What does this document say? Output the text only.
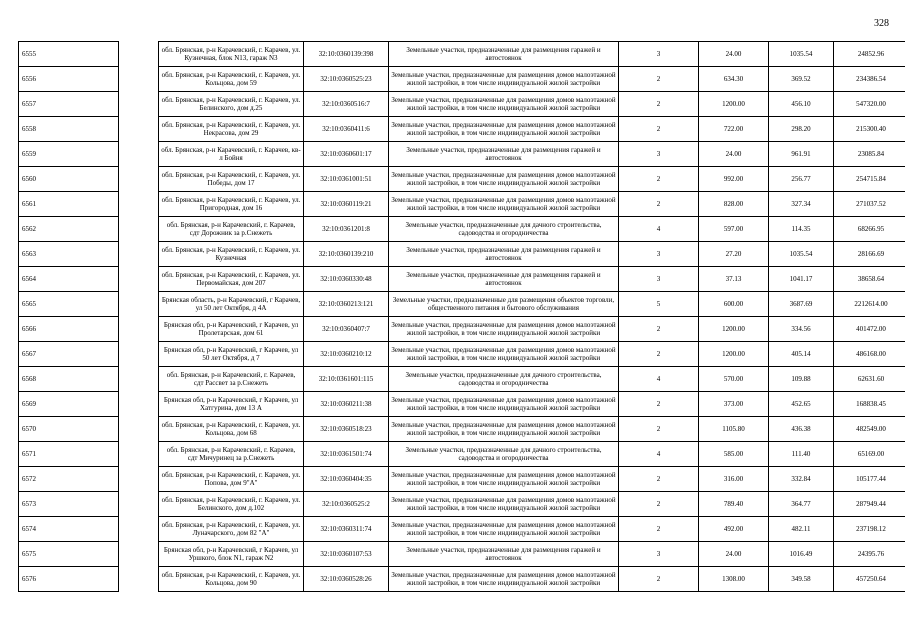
328
6555		обл. Брянская, р-н Карачевский, г. Карачев, ул. Кузнечная, блок N13, гараж N3	32:10:0360139:398	Земельные участки, предназначенные для размещения гаражей и автостоянок	3	24.00	1035.54	24852.96
6556		обл. Брянская, р-н Карачевский, г. Карачев, ул. Кольцова, дом 59	32:10:0360525:23	Земельные участки, предназначенные для размещения домов малоэтажной жилой застройки, в том числе индивидуальной жилой застройки	2	634.30	369.52	234386.54
6557		обл. Брянская, р-н Карачевский, г. Карачев, ул. Белинского, дом д.25	32:10:0360516:7	Земельные участки, предназначенные для размещения домов малоэтажной жилой застройки, в том числе индивидуальной жилой застройки	2	1200.00	456.10	547320.00
6558		обл. Брянская, р-н Карачевский, г. Карачев, ул. Некрасова, дом 29	32:10:0360411:6	Земельные участки, предназначенные для размещения домов малоэтажной жилой застройки, в том числе индивидуальной жилой застройки	2	722.00	298.20	215300.40
6559		обл. Брянская, р-н Карачевский, г. Карачев, кв-л Бойня	32:10:0360601:17	Земельные участки, предназначенные для размещения гаражей и автостоянок	3	24.00	961.91	23085.84
6560		обл. Брянская, р-н Карачевский, г. Карачев, ул. Победы, дом 17	32:10:0361001:51	Земельные участки, предназначенные для размещения домов малоэтажной жилой застройки, в том числе индивидуальной жилой застройки	2	992.00	256.77	254715.84
6561		обл. Брянская, р-н Карачевский, г. Карачев, ул. Пригородная, дом 16	32:10:0360119:21	Земельные участки, предназначенные для размещения домов малоэтажной жилой застройки, в том числе индивидуальной жилой застройки	2	828.00	327.34	271037.52
6562		обл. Брянская, р-н Карачевский, г. Карачев, сдт Дорожник за р.Снежеть	32:10:0361201:8	Земельные участки, предназначенные для дачного строительства, садоводства и огородничества	4	597.00	114.35	68266.95
6563		обл. Брянская, р-н Карачевский, г. Карачев, ул. Кузнечная	32:10:0360139:210	Земельные участки, предназначенные для размещения гаражей и автостоянок	3	27.20	1035.54	28166.69
6564		обл. Брянская, р-н Карачевский, г. Карачев, ул. Первомайская, дом 207	32:10:0360330:48	Земельные участки, предназначенные для размещения гаражей и автостоянок	3	37.13	1041.17	38658.64
6565		Брянская область, р-н Карачевский, г Карачев, ул 50 лет Октября, д 4А	32:10:0360213:121	Земельные участки, предназначенные для размещения объектов торговли, общественного питания и бытового обслуживания	5	600.00	3687.69	2212614.00
6566		Брянская обл, р-н Карачевский, г Карачев, ул Пролетарская, дом 61	32:10:0360407:7	Земельные участки, предназначенные для размещения домов малоэтажной жилой застройки, в том числе индивидуальной жилой застройки	2	1200.00	334.56	401472.00
6567		Брянская обл, р-н Карачевский, г Карачев, ул 50 лет Октября, д 7	32:10:0360210:12	Земельные участки, предназначенные для размещения домов малоэтажной жилой застройки, в том числе индивидуальной жилой застройки	2	1200.00	405.14	486168.00
6568		обл. Брянская, р-н Карачевский, г. Карачев, сдт Рассвет за р.Снежеть	32:10:0361601:115	Земельные участки, предназначенные для дачного строительства, садоводства и огородничества	4	570.00	109.88	62631.60
6569		Брянская обл, р-н Карачевский, г Карачев, ул Хатгурина, дом 13 А	32:10:0360211:38	Земельные участки, предназначенные для размещения домов малоэтажной жилой застройки, в том числе индивидуальной жилой застройки	2	373.00	452.65	168838.45
6570		обл. Брянская, р-н Карачевский, г. Карачев, ул. Кольцова, дом 68	32:10:0360518:23	Земельные участки, предназначенные для размещения домов малоэтажной жилой застройки, в том числе индивидуальной жилой застройки	2	1105.80	436.38	482549.00
6571		обл. Брянская, р-н Карачевский, г. Карачев, сдт Мичуринец за р.Снежеть	32:10:0361501:74	Земельные участки, предназначенные для дачного строительства, садоводства и огородничества	4	585.00	111.40	65169.00
6572		обл. Брянская, р-н Карачевский, г. Карачев, ул. Попова, дом 9"А"	32:10:0360404:35	Земельные участки, предназначенные для размещения домов малоэтажной жилой застройки, в том числе индивидуальной жилой застройки	2	316.00	332.84	105177.44
6573		обл. Брянская, р-н Карачевский, г. Карачев, ул. Белинского, дом д.102	32:10:0360525:2	Земельные участки, предназначенные для размещения домов малоэтажной жилой застройки, в том числе индивидуальной жилой застройки	2	789.40	364.77	287949.44
6574		обл. Брянская, р-н Карачевский, г. Карачев, ул. Луначарского, дом 82 "А"	32:10:0360311:74	Земельные участки, предназначенные для размещения домов малоэтажной жилой застройки, в том числе индивидуальной жилой застройки	2	492.00	482.11	237198.12
6575		Брянская обл, р-н Карачевский, г Карачев, ул Уршкого, блок N1, гараж N2	32:10:0360107:53	Земельные участки, предназначенные для размещения гаражей и автостоянок	3	24.00	1016.49	24395.76
6576		обл. Брянская, р-н Карачевский, г. Карачев, ул. Кольцова, дом 90	32:10:0360528:26	Земельные участки, предназначенные для размещения домов малоэтажной жилой застройки, в том числе индивидуальной жилой застройки	2	1308.00	349.58	457250.64
